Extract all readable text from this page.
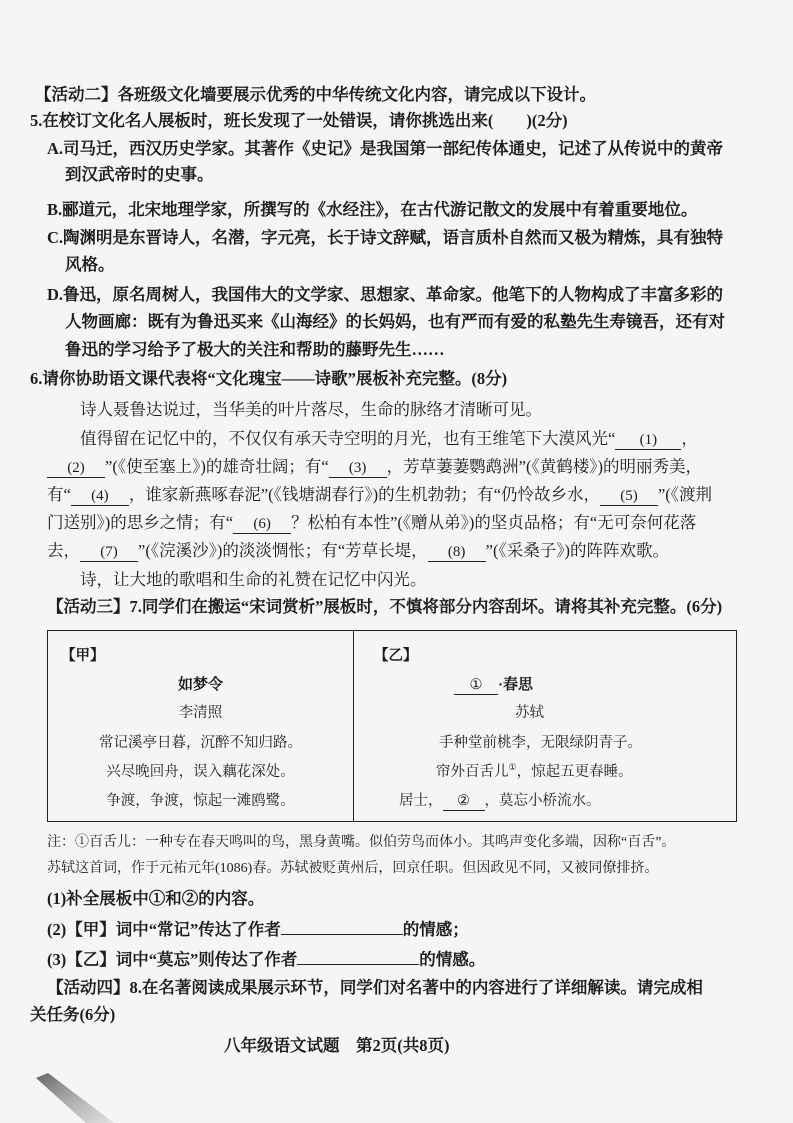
【活动二】各班级文化墙要展示优秀的中华传统文化内容，请完成以下设计。
5.在校订文化名人展板时，班长发现了一处错误，请你挑选出来(　　)(2分)
A.司马迁，西汉历史学家。其著作《史记》是我国第一部纪传体通史，记述了从传说中的黄帝
到汉武帝时的史事。
B.郦道元，北宋地理学家，所撰写的《水经注》，在古代游记散文的发展中有着重要地位。
C.陶渊明是东晋诗人，名潜，字元亮，长于诗文辞赋，语言质朴自然而又极为精炼，具有独特
风格。
D.鲁迅，原名周树人，我国伟大的文学家、思想家、革命家。他笔下的人物构成了丰富多彩的
人物画廊：既有为鲁迅买来《山海经》的长妈妈，也有严而有爱的私塾先生寿镜吾，还有对
鲁迅的学习给予了极大的关注和帮助的藤野先生……
6.请你协助语文课代表将“文化瑰宝——诗歌”展板补充完整。(8分)
诗人聂鲁达说过，当华美的叶片落尽，生命的脉络才清晰可见。
值得留在记忆中的，不仅仅有承天寺空明的月光，也有王维笔下大漠风光“ (1) ，
(2) ”(《使至塞上》)的雄奇壮阔；有“ (3) ，芳草萋萋鹦鹉洲”(《黄鹤楼》)的明丽秀美，
有“ (4) ，谁家新燕啄春泥”(《钱塘湖春行》)的生机勃勃；有“仍怜故乡水， (5) ”(《渡荆
门送别》)的思乡之情；有“ (6) ？松柏有本性”(《赠从弟》)的坚贞品格；有“无可奈何花落
去， (7) ”(《浣溪沙》)的淡淡惆怅；有“芳草长堤， (8) ”(《采桑子》)的阵阵欢歌。
诗，让大地的歌唱和生命的礼赞在记忆中闪光。
【活动三】7.同学们在搬运“宋词赏析”展板时，不慎将部分内容刮坏。请将其补充完整。(6分)
【甲】
如梦令
李清照
常记溪亭日暮，沉醉不知归路。
兴尽晚回舟，误入藕花深处。
争渡，争渡，惊起一滩鸥鹭。
【乙】
① ·春思
苏轼
手种堂前桃李，无限绿阴青子。
帘外百舌儿①，惊起五更春睡。
居士， ② ，莫忘小桥流水。
注：①百舌儿：一种专在春天鸣叫的鸟，黑身黄嘴。似伯劳鸟而体小。其鸣声变化多端，因称“百舌”。
苏轼这首词，作于元祐元年(1086)春。苏轼被贬黄州后，回京任职。但因政见不同，又被同僚排挤。
(1)补全展板中①和②的内容。
(2)【甲】词中“常记”传达了作者	的情感；
(3)【乙】词中“莫忘”则传达了作者	的情感。
【活动四】8.在名著阅读成果展示环节，同学们对名著中的内容进行了详细解读。请完成相
关任务(6分)
八年级语文试题　第2页(共8页)
